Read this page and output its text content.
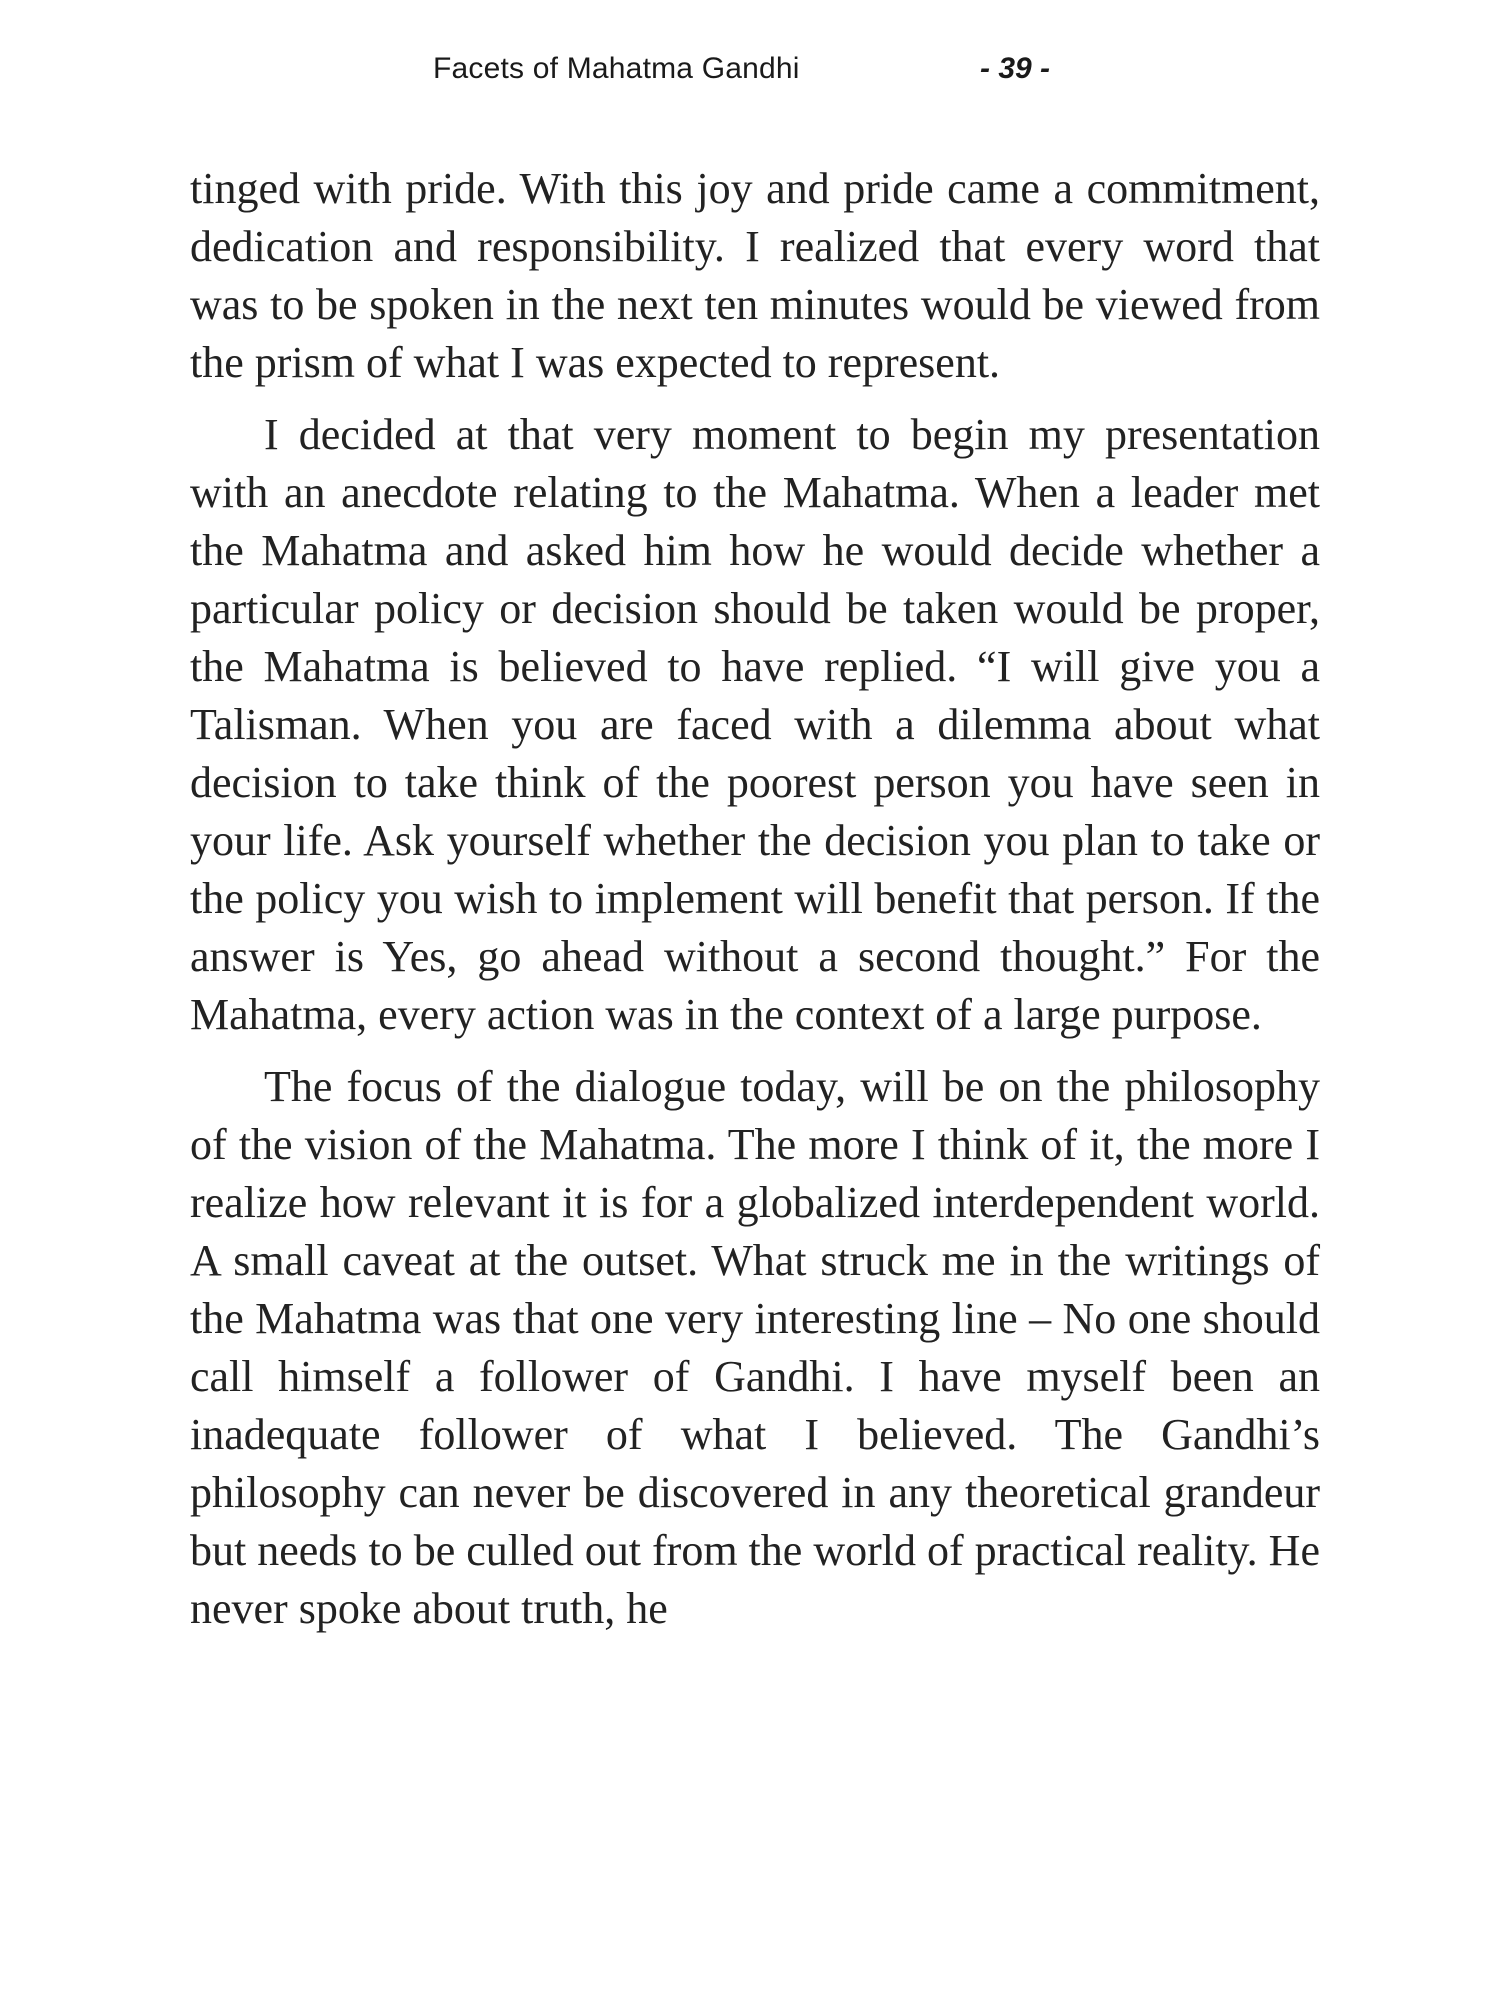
Facets of Mahatma Gandhi	- 39 -

tinged with pride. With this joy and pride came a commitment, dedication and responsibility. I realized that every word that was to be spoken in the next ten minutes would be viewed from the prism of what I was expected to represent.

I decided at that very moment to begin my presentation with an anecdote relating to the Mahatma. When a leader met the Mahatma and asked him how he would decide whether a particular policy or decision should be taken would be proper, the Mahatma is believed to have replied. “I will give you a Talisman. When you are faced with a dilemma about what decision to take think of the poorest person you have seen in your life. Ask yourself whether the decision you plan to take or the policy you wish to implement will benefit that person. If the answer is Yes, go ahead without a second thought.” For the Mahatma, every action was in the context of a large purpose.

The focus of the dialogue today, will be on the philosophy of the vision of the Mahatma. The more I think of it, the more I realize how relevant it is for a globalized interdependent world. A small caveat at the outset. What struck me in the writings of the Mahatma was that one very interesting line – No one should call himself a follower of Gandhi. I have myself been an inadequate follower of what I believed. The Gandhi’s philosophy can never be discovered in any theoretical grandeur but needs to be culled out from the world of practical reality. He never spoke about truth, he
